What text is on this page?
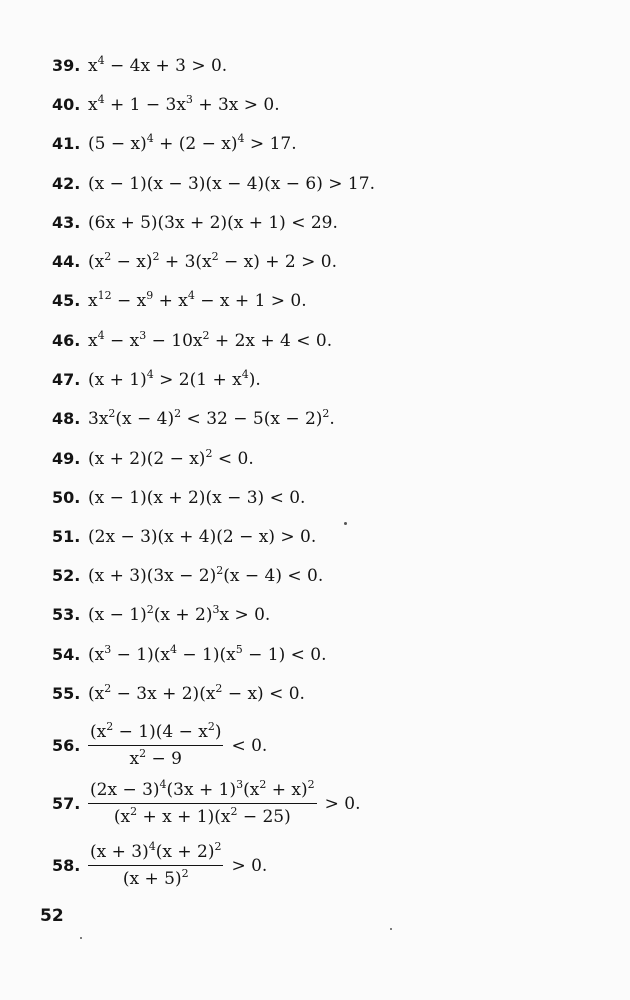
39. $x^4 - 4x + 3 > 0$.
40. $x^4 + 1 - 3x^3 + 3x > 0$.
41. $(5 - x)^4 + (2 - x)^4 > 17$.
42. (x − 1)(x − 3)(x − 4)(x − 6) > 17.
43. (6x + 5)(3x + 2)(x + 1) < 29.
44. $(x^2 - x)^2 + 3(x^2 - x) + 2 > 0$.
45. $x^{12} - x^9 + x^4 - x + 1 > 0$.
46. $x^4 - x^3 - 10x^2 + 2x + 4 < 0$.
47. $(x + 1)^4 > 2(1 + x^4)$.
48. $3x^2(x - 4)^2 < 32 - 5(x - 2)^2$.
49. $(x + 2)(2 - x)^2 < 0$.
50. (x − 1)(x + 2)(x − 3) < 0.
51. (2x − 3)(x + 4)(2 − x) > 0.
52. $(x + 3)(3x - 2)^2(x - 4) < 0$.
53. $(x - 1)^2(x + 2)^3x > 0$.
54. $(x^3 - 1)(x^4 - 1)(x^5 - 1) < 0$.
55. $(x^2 - 3x + 2)(x^2 - x) < 0$.
56. $\frac{(x^2 - 1)(4 - x^2)}{x^2 - 9} < 0$.
57. $\frac{(2x - 3)^4(3x + 1)^3(x^2 + x)^2}{(x^2 + x + 1)(x^2 - 25)} > 0$.
58. $\frac{(x + 3)^4(x + 2)^2}{(x + 5)^2} > 0$.
52
